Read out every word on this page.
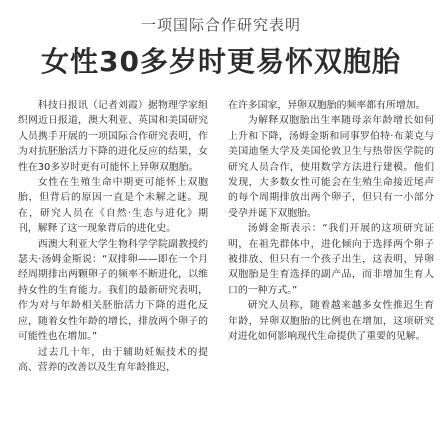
一项国际合作研究表明
女性30多岁时更易怀双胞胎

科技日报讯（记者刘霞）据物理学家组织网近日报道，澳大利亚、英国和美国研究人员携手开展的一项国际合作研究表明，作为对抗胚胎活力下降的进化反应的结果，女性在30多岁时更有可能怀上异卵双胞胎。

女性在生殖生命中期更可能怀上双胞胎，但背后的原因一直是个未解之谜。现在，研究人员在《自然·生态与进化》期刊，解释了这一现象背后的进化史。

西澳大利亚大学生物科学学院副教授约瑟夫·汤姆金斯说：“双排卵——即在一个月经周期排出两颗卵子的频率不断进化，以维持女性的生育能力。我们的最新研究表明，作为对与年龄相关胚胎活力下降的进化反应，随着女性年龄的增长，排放两个卵子的可能性也在增加。”

过去几十年，由于辅助妊娠技术的提高、营养的改善以及生育年龄推迟，

在许多国家，异卵双胞胎的频率都有所增加。

为解释双胞胎出生率随母亲年龄增长如何上升和下降，汤姆金斯和同事罗伯特·布莱克与美国迪堡大学及美国伦敦卫生与热带医学院的研究人员合作，使用数学方法进行建模。他们发现，大多数女性可能会在生殖生命接近尾声的每个周期排放出两个卵子，但只有一小部分受孕并诞下双胞胎。

汤姆金斯表示：“我们开展的这项研究证明，在祖先群体中，进化倾向于选择两个卵子被排放、但只有一个孩子出生，这表明，异卵双胞胎是生育选择的副产品，而非增加生育人口的一种方式。”

研究人员称，随着越来越多女性推迟生育年龄，异卵双胞胎的比例也在增加，这项研究对进化如何影响现代生命提供了重要的见解。
